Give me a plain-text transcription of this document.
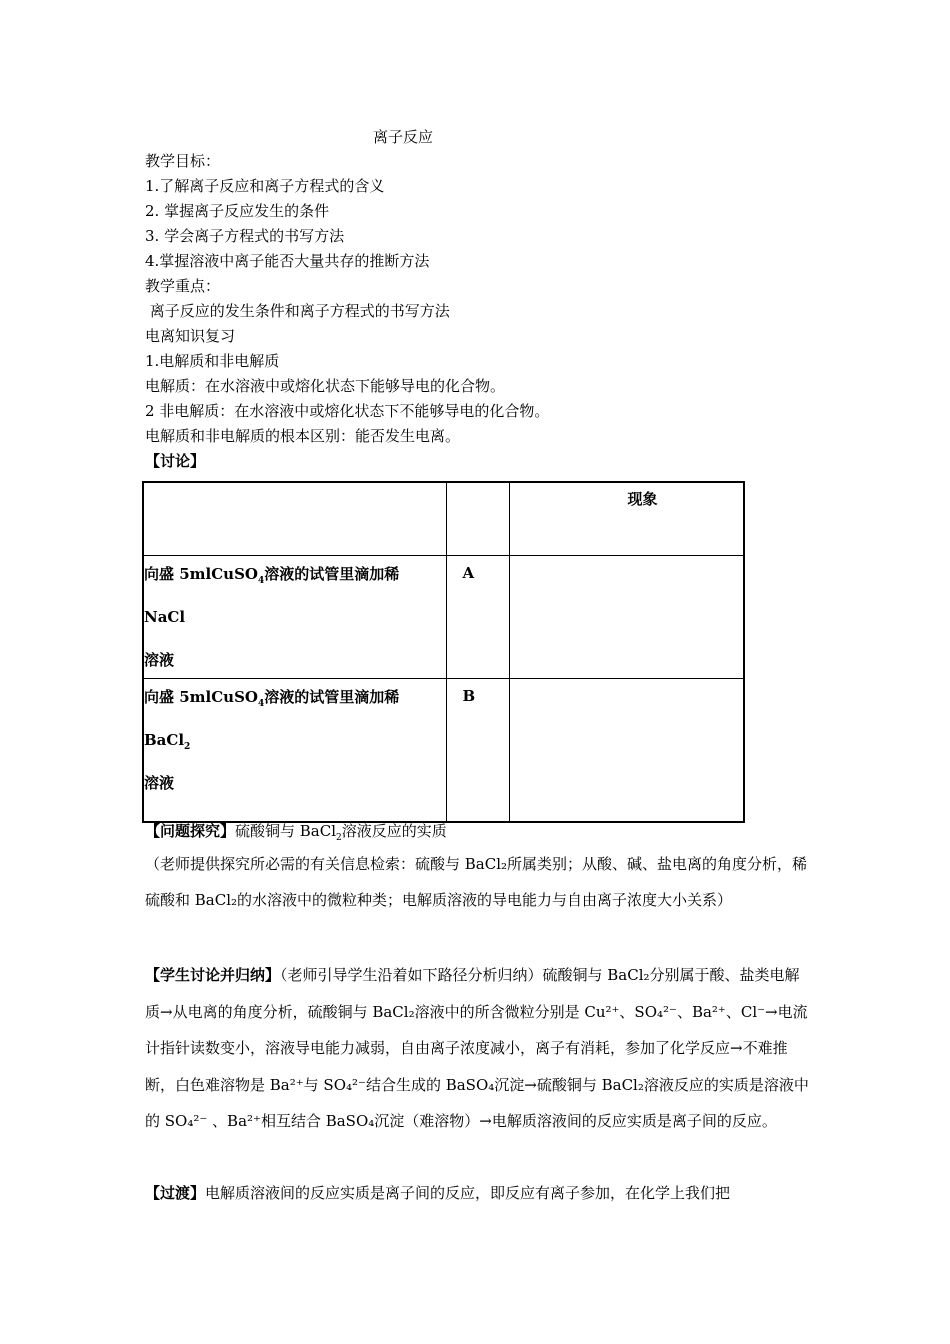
离子反应
教学目标：
1.了解离子反应和离子方程式的含义
2. 掌握离子反应发生的条件
3. 学会离子方程式的书写方法
4.掌握溶液中离子能否大量共存的推断方法
教学重点：
离子反应的发生条件和离子方程式的书写方法
电离知识复习
1.电解质和非电解质
电解质：在水溶液中或熔化状态下能够导电的化合物。
2 非电解质：在水溶液中或熔化状态下不能够导电的化合物。
电解质和非电解质的根本区别：能否发生电离。
【讨论】
		现象
向盛 5mlCuSO$_4$溶液的试管里滴加稀 NaCl
溶液	A	
向盛 5mlCuSO$_4$溶液的试管里滴加稀 BaCl$_2$
溶液	B	
【问题探究】硫酸铜与 BaCl$_2$溶液反应的实质
（老师提供探究所必需的有关信息检索：硫酸与 BaCl₂所属类别；从酸、碱、盐电离的角度分析，稀硫酸和 BaCl₂的水溶液中的微粒种类；电解质溶液的导电能力与自由离子浓度大小关系）
【学生讨论并归纳】（老师引导学生沿着如下路径分析归纳）硫酸铜与 BaCl₂分别属于酸、盐类电解质→从电离的角度分析，硫酸铜与 BaCl₂溶液中的所含微粒分别是 Cu²⁺、SO₄²⁻、Ba²⁺、Cl⁻→电流计指针读数变小，溶液导电能力减弱，自由离子浓度减小，离子有消耗，参加了化学反应→不难推断，白色难溶物是 Ba²⁺与 SO₄²⁻结合生成的 BaSO₄沉淀→硫酸铜与 BaCl₂溶液反应的实质是溶液中的 SO₄²⁻ 、Ba²⁺相互结合 BaSO₄沉淀（难溶物）→电解质溶液间的反应实质是离子间的反应。
【过渡】电解质溶液间的反应实质是离子间的反应，即反应有离子参加，在化学上我们把
